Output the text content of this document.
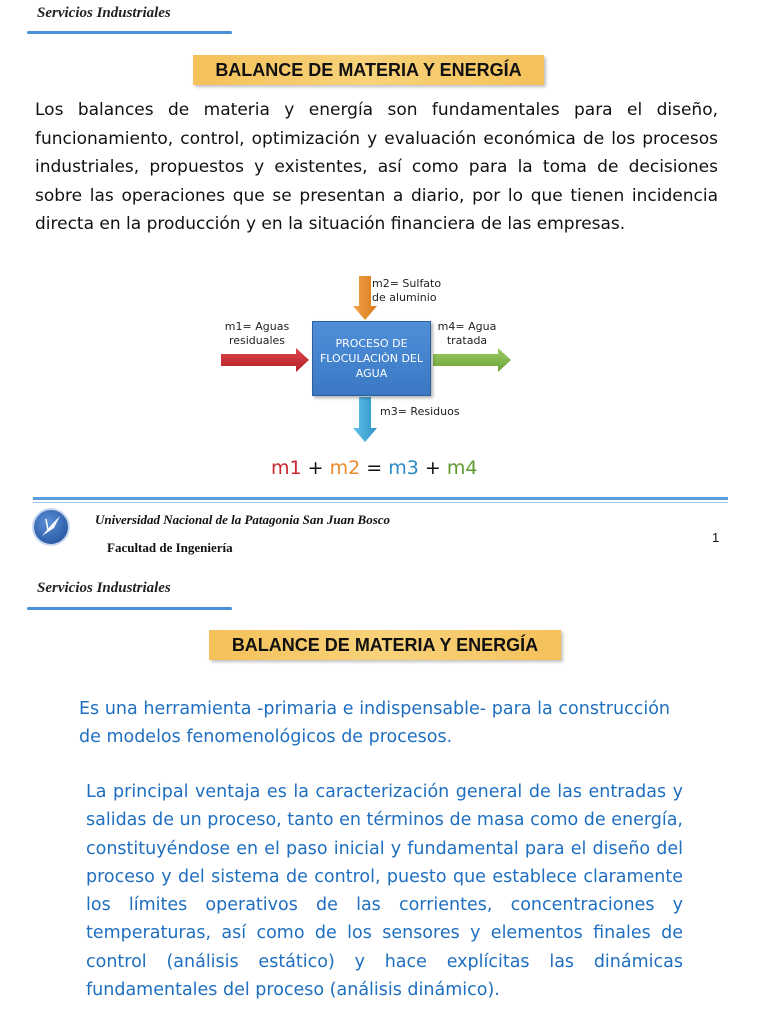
Servicios Industriales
BALANCE DE MATERIA Y ENERGÍA
Los balances de materia y energía son fundamentales para el diseño, funcionamiento, control, optimización y evaluación económica de los procesos industriales, propuestos y existentes, así como para la toma de decisiones sobre las operaciones que se presentan a diario, por lo que tienen incidencia directa en la producción y en la situación financiera de las empresas.
PROCESO DE
FLOCULACIÒN DEL
AGUA
m1= Aguas
residuales
m2= Sulfato
de aluminio
m4= Agua
tratada
m3= Residuos
m1 + m2 = m3 + m4
Universidad Nacional de la Patagonia San Juan Bosco
Facultad de Ingeniería
1
Servicios Industriales
BALANCE DE MATERIA Y ENERGÍA
Es una herramienta -primaria e indispensable- para la construcción de modelos fenomenológicos de procesos.
La principal ventaja es la caracterización general de las entradas y salidas de un proceso, tanto en términos de masa como de energía, constituyéndose en el paso inicial y fundamental para el diseño del proceso y del sistema de control, puesto que establece claramente los límites operativos de las corrientes, concentraciones y temperaturas, así como de los sensores y elementos finales de control (análisis estático) y hace explícitas las dinámicas fundamentales del proceso (análisis dinámico).
